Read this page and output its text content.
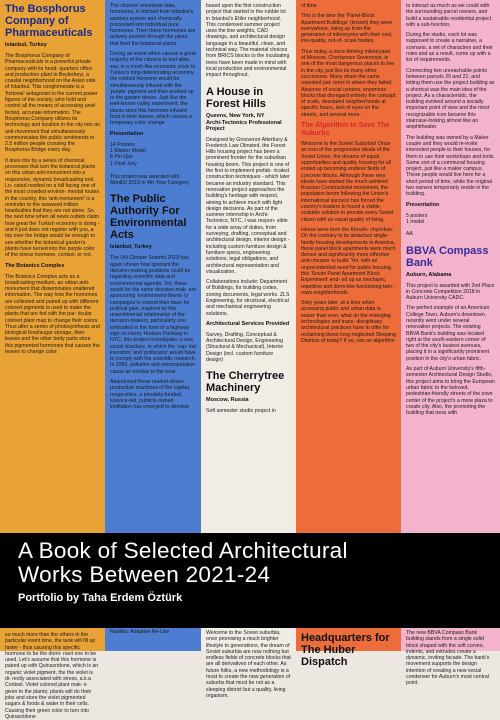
The Bosphorus Company of Pharmaceuticals
Istanbul, Turkey
The Bosphorus Company of Pharmaceuticals is a powerful private company with its head- quarters office and production plant in Beylerbeyi, a coastal neighborhood on the Asian side of Istanbul. This conglomerate is a 'fictional' antagonist to the current power figures of the society, who hold and control all the means of accessing unaf- fected, accurate information. The Bosphorus Company utilizes its technology and location in the city into an anti-movement that simultaneously communicates the public sentiments to 2.5 million people crossing the Bosphorus Bridge every day.
It does this by a series of chemical processes that turn the botanical plants on this urban anti-monument into a responsive, dynamic broadcasting tool. Lo- cated nestled on a hill facing one of the most crowded environ- mental routes in the country, this 'anti-monument' is a reminder to the seaweed million Istanbulites that they are not alone. So, the next time when all news outlets claim how great the Turkish economy is doing - and it just does not register with you, a trip over the bridge would be enough to see whether the botanical garden's plants have turned into the purple color of the stress hormone, cortisol, or not.
The Botanics Complex
The Botanics Complex acts as a broadcasting medium, an urban anti-monument that disseminates unaltered information. The way how the hormones are collected and paired up with different colored pigments is used to make the plants that are fed with the par- ticular colored plant map to change their colors. Thus after a series of photosynthesis and biological food/sugar storage, their leaves and the other body parts store this pigmented hormones that causes the leaves to change color.
so much more than the others in the particular event time, the tank will fill up faster - thus causing this specific hormone to be the domi- nant one to be used. Let's assume that this hormone is paired up with Quinacridone, which is an organic violet pigment, the the violet is di- rectly associated with stress, a.k.a Cortisol. Violet colored plant mak- e given to the plants; plants will do their jobs and store the violet pigmented sugars & foods & water in their cells. Causing their green color to turn into Quinacridone
The citizens' emotional data, hormones, is fetched from Istanbul's sanitary system and chemically processed into individual pure hormones. Then these hormones are actively pushed through the pipes that feed the botanical plants.
During an event when causes a great majority of the citizens to feel alike, say, in a much-like economic crisis to Turkey's long-deteriorating economy, the cortisol hormone would be simultaneously infused with the 'purple' pigment and then pushed up to the garden above. Just like the well-known valley experiment, the plants store this hormone-infused food in their leaves, which causes a temporary color change.
Presentation
14 Posters
1 Master Model
8 Pin-Ups
1 Final Jury
This project was awarded with MimED 2019 in 4th-Year Category.
The Public Authority For Environmental Acts
Istanbul, Turkey
The UN Climate Summit 2019 has again shown how ignorant the decision-making positions could be regarding scientific data and environmental agenda. Yet, these would be the same decision-mak- ers sponsoring 'environment-friend- ly' campaigns to extend their base for political gain. Inspired by this unsentimental relationship of the decision-makers, particularly one embodied in the form of a highway sign on Henry Hudson Parkway in NYC, this project investigates a new social structure, in which the 'cap- ital investors' and 'politicians' would have to comply with the scientific research. In 2050, pollution and overpopulation cause an exodus to the rural.
Abandoned these market-driven production machines of the capital, mega-cities, a privately-funded, science-led, publicly-owned institution has emerged to develop
Rarities: Adaptive Re-Use
based upon the first construction project that started in the rubble lot in Istanbul's Etiler neighborhood. This condensed summer project uses the line weights, CAD drawings, and architectural design language in a beautiful, clean, and technical way. The material choices from BRICS blocks to the incubating trees have been made in mind with local production and environmental impact throughout.
A House in Forest Hills
Queens, New York, NY
Archi-Tectonics Professional Project
Designed by Grosvenor Atterbury & Frederick Law Olmsted, the Forest Hills housing project has been a prominent frontier for the suburban housing boom. This project is one of the first to implement prefab- ricated construction techniques - which later became an industry standard. This renovation project approaches the building's heritage with respect, aiming to achieve much with light design decisions. As part of the summer internship in Archi-Tectonics, NYC, I was respon- sible for a wide array of duties, from surveying, drafting, conceptual and architectural design, interior design - including custom furniture design & furniture specs, engineering solutions, legal obligations, and architectural representation and visualization.
Collaborations include: Department of Buildings, for building codes, zoning documents, legal works. ZLS Engineering, for structural, electrical and mechanical engineering solutions.
Architectural Services Provided
Survey, Drafting, Conceptual & Architectural Design, Engineering (Structural & Mechanical), Interior Design (incl. custom furniture design)
The Cherrytree Machinery
Moscow, Russia
Soft semester studio project in
Welcome to the Soviet suburbia, once promising a much brighter lifestyle to generations, the dream of Soviet suburbia are now nothing but endless fields of concrete blocks that are all derivatives of each other. As future folks, a new methodology is a must to create the new generation of suburbs that must be not as a sleeping district but a quality, living organism.
of time.
This is the time the 'Panel-Block Apartment Buildings' (known) they were everywhere, rising up from the generation of mikroryons with their cool, low-quality, out-of- scale bodies.
Thus today, a once-thriving mikroryaon of Moscow, Chertanovo Severnoye, is one of the most dangerous places to live in the city, just like its many other successors. Many share the same repeated pat- terns in where they failed. Absence of social centers, enormous blocks that disregard entirely the concept of scale, desolated neighborhoods at specific hours, lack of eyes on the streets, and several more.
The Algorithm to Save The Suburbs
Welcome to the Soviet Suburbia! Once an icon of the progressive ideals of the Soviet Union, the dreams of equal opportunities and quality housing for all ended up becoming endless fields of concrete blocks. Although these very ideals have started the much-admired Russian Constructivist movement, the population boom following the Union's international success has forced the country's leaders to found a viable, scalable solution to provide every Soviet citizen with an equal quality of living.
Hence were born the Khrush- chyovkas: On the contrary to its detached single-family housing developments in America, these panel block apartments were much denser and significantly more effective and cheaper to build. Yet, with an unprecedented need for public housing, this 'Soviet Panel Apartment Block Experiment' end- ed up as mechanic, repetitive and dorm-like functioning twin-rows neighborhoods.
Sixty years later, at a time when accessing public and urban data is easier than ever, what do the emerging technologies and trans- disciplinary architectural practices have to offer for reclaiming these long-neglected Sleeping Districts of today? If so, can an algorithm
Headquarters for The Huber Dispatch
to interact as much as we could with the surrounding parcel owners, and build a sustainable residential project with a sub-function.
During the studio, each lot was supposed to create a narrative, a scenario, a set of characters and their roles and as a result, come up with a list of requirements.
Connecting two unreachable points between parcels 20 and 22, and letting them use the project building as a shortcut was the main idea of the project. As a characteristic, the building evolved around a socially important point of view and the most recognizable icon became this staircase-looking almost like an amphitheater.
The building was owned by a Maker couple and they would re-invite interested people to their houses, for them to use their workshops and tools. Some sort of a communal housing project, just like a maker campus. These people would live here for a short period of time, while the original two owners temporarily reside in the building.
Presentation
5 posters
1 model
AA
BBVA Compass Bank
Auburn, Alabama
This project is awarded with 2nd Place in Concrete Competition 2018 in Auburn University CADC.
The perfect example of an American College Town, Auburn's downtown, recently went under several renovation projects. The existing BBVA Bank's building was located right at the south-eastern corner of two of the city's busiest avenues, placing it in a significantly prominent position in the city's urban fabric.
As part of Auburn University's fifth-semester Architectural Design Studio, this project aims to bring the European urban fabric to the beloved, pedestrian-friendly streets of the town center of the project's a more plaza to create city. Also, the promoting the building that ness with
The new BBVA Compass Bank building stands from a single solid block shaped with the soft curves, indents, and extrudes create a dynamic, inviting facade. The bank's movement supports the design intention of creating a new social condenser for Auburn's most central point.
A Book of Selected Architectural
Works Between 2021-24
Portfolio by Taha Erdem Öztürk
